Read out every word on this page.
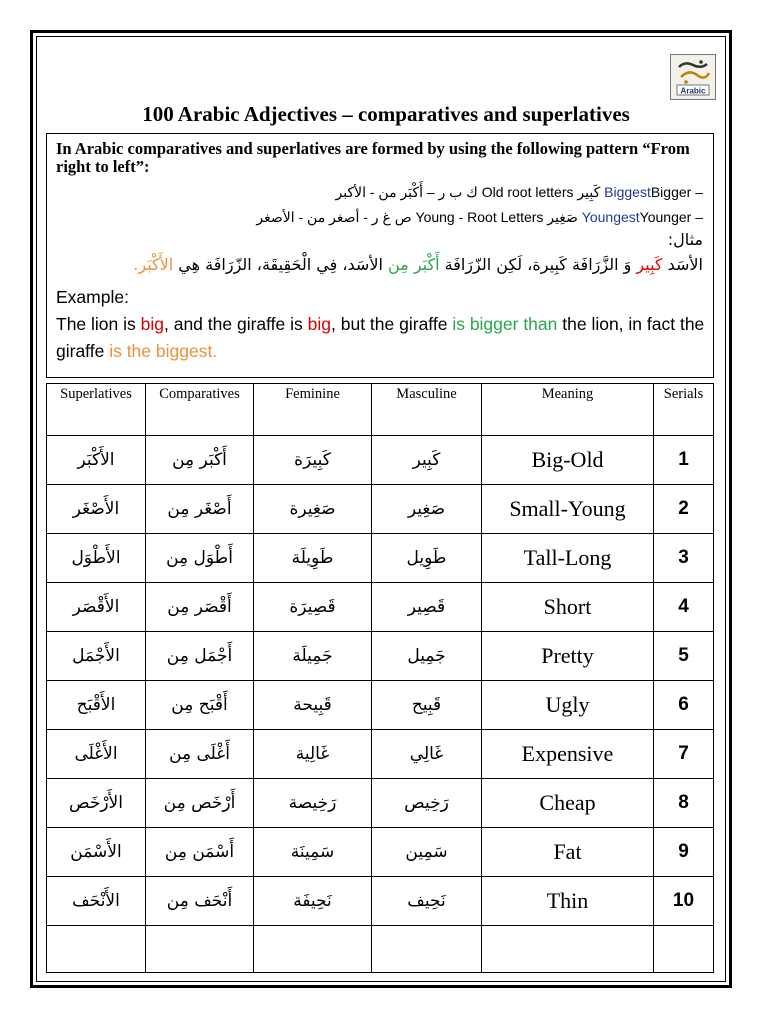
Arabic
100 Arabic Adjectives – comparatives and superlatives
In Arabic comparatives and superlatives are formed by using the following pattern “From right to left”:
كَبِير Old root letters ك ب ر – أَكْبَر من - الأكبر BiggestBigger –
صَغِير Young - Root Letters ص غ ر - أصغر من - الأصغر YoungestYounger –
مثال:
الأسَد كَبِير وَ الزَّرَافَة كَبِيرة، لَكِن الزّرَافَة أَكْبَر مِن الأسَد، فِي الْحَقِيقَة، الزّرَافَة هِي الأَكْبَر.
Example:
The lion is big, and the giraffe is big, but the giraffe is bigger than the lion, in fact the giraffe is the biggest.
Superlatives	Comparatives	Feminine	Masculine	Meaning	Serials
الأَكْبَر	أَكْبَر مِن	كَبِيرَة	كَبِير	Big-Old	1
الأَصْغَر	أَصْغَر مِن	صَغِيرة	صَغِير	Small-Young	2
الأَطْوَل	أَطْوَل مِن	طَوِيلَة	طَوِيل	Tall-Long	3
الأَقْصَر	أَقْصَر مِن	قَصِيرَة	قَصِير	Short	4
الأَجْمَل	أَجْمَل مِن	جَمِيلَة	جَمِيل	Pretty	5
الأَقْبَح	أَقْبَح مِن	قَبِيحة	قَبِيح	Ugly	6
الأَغْلَى	أَغْلَى مِن	غَالِية	غَالِي	Expensive	7
الأَرْخَص	أَرْخَص مِن	رَخِيصة	رَخِيص	Cheap	8
الأَسْمَن	أَسْمَن مِن	سَمِينَة	سَمِين	Fat	9
الأَنْحَف	أَنْحَف مِن	نَحِيفَة	نَحِيف	Thin	10
